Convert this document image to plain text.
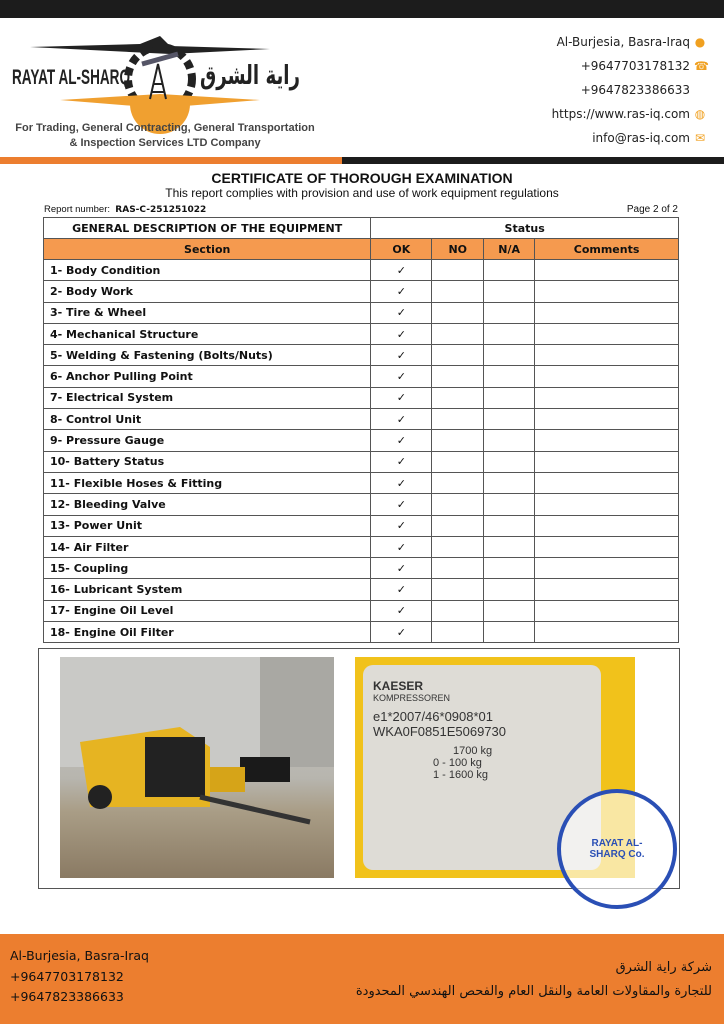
RAYAT AL-SHARQ	راية الشرق
For Trading, General Contracting, General Transportation
& Inspection Services LTD Company
Al-Burjesia, Basra-Iraq ●
+9647703178132 ☎
+9647823386633
https://www.ras-iq.com ◍
info@ras-iq.com ✉
CERTIFICATE OF THOROUGH EXAMINATION
This report complies with provision and use of work equipment regulations
Report number: RAS-C-251251022	Page 2 of 2
GENERAL DESCRIPTION OF THE EQUIPMENT	Status			
Section	OK	NO	N/A	Comments
1- Body Condition	✓			
2- Body Work	✓			
3- Tire & Wheel	✓			
4- Mechanical Structure	✓			
5- Welding & Fastening (Bolts/Nuts)	✓			
6- Anchor Pulling Point	✓			
7- Electrical System	✓			
8- Control Unit	✓			
9- Pressure Gauge	✓			
10- Battery Status	✓			
11- Flexible Hoses & Fitting	✓			
12- Bleeding Valve	✓			
13- Power Unit	✓			
14- Air Filter	✓			
15- Coupling	✓			
16- Lubricant System	✓			
17- Engine Oil Level	✓			
18- Engine Oil Filter	✓			
KAESER
KOMPRESSOREN
e1*2007/46*0908*01
WKA0F0851E5069730
1700 kg
0 - 100 kg
1 - 1600 kg
RAYAT AL-SHARQ Co.
Al-Burjesia, Basra-Iraq
+9647703178132
+9647823386633
شركة راية الشرق
للتجارة والمقاولات العامة والنقل العام والفحص الهندسي المحدودة
